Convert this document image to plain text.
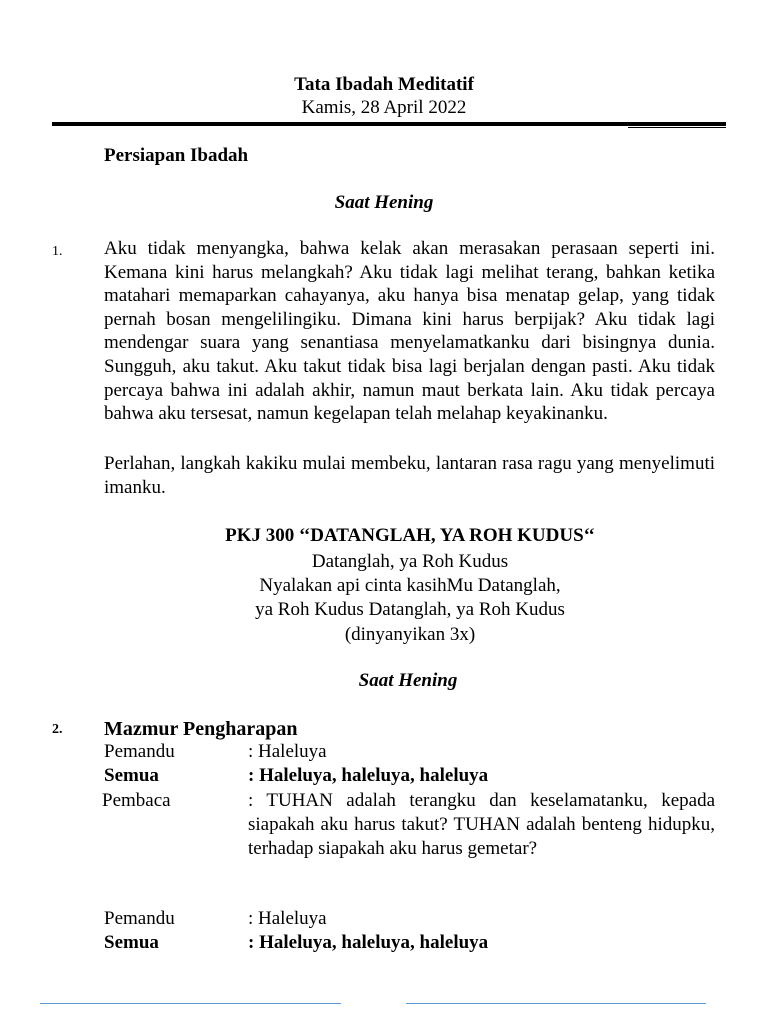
Tata Ibadah Meditatif
Kamis, 28 April 2022
Persiapan Ibadah
Saat Hening
1. Aku tidak menyangka, bahwa kelak akan merasakan perasaan seperti ini. Kemana kini harus melangkah? Aku tidak lagi melihat terang, bahkan ketika matahari memaparkan cahayanya, aku hanya bisa menatap gelap, yang tidak pernah bosan mengelilingiku. Dimana kini harus berpijak? Aku tidak lagi mendengar suara yang senantiasa menyelamatkanku dari bisingnya dunia. Sungguh, aku takut. Aku takut tidak bisa lagi berjalan dengan pasti. Aku tidak percaya bahwa ini adalah akhir, namun maut berkata lain. Aku tidak percaya bahwa aku tersesat, namun kegelapan telah melahap keyakinanku.

Perlahan, langkah kakiku mulai membeku, lantaran rasa ragu yang menyelimuti imanku.

PKJ 300 ‘‘DATANGLAH, YA ROH KUDUS‘‘
Datanglah, ya Roh Kudus
Nyalakan api cinta kasihMu Datanglah,
ya Roh Kudus Datanglah, ya Roh Kudus
(dinyanyikan 3x)
Saat Hening
2. Mazmur Pengharapan
Pemandu	: Haleluya
Semua	: Haleluya, haleluya, haleluya
Pembaca	: TUHAN adalah terangku dan keselamatanku, kepada siapakah aku harus takut? TUHAN adalah benteng hidupku, terhadap siapakah aku harus gemetar?

Pemandu	: Haleluya
Semua	: Haleluya, haleluya, haleluya
